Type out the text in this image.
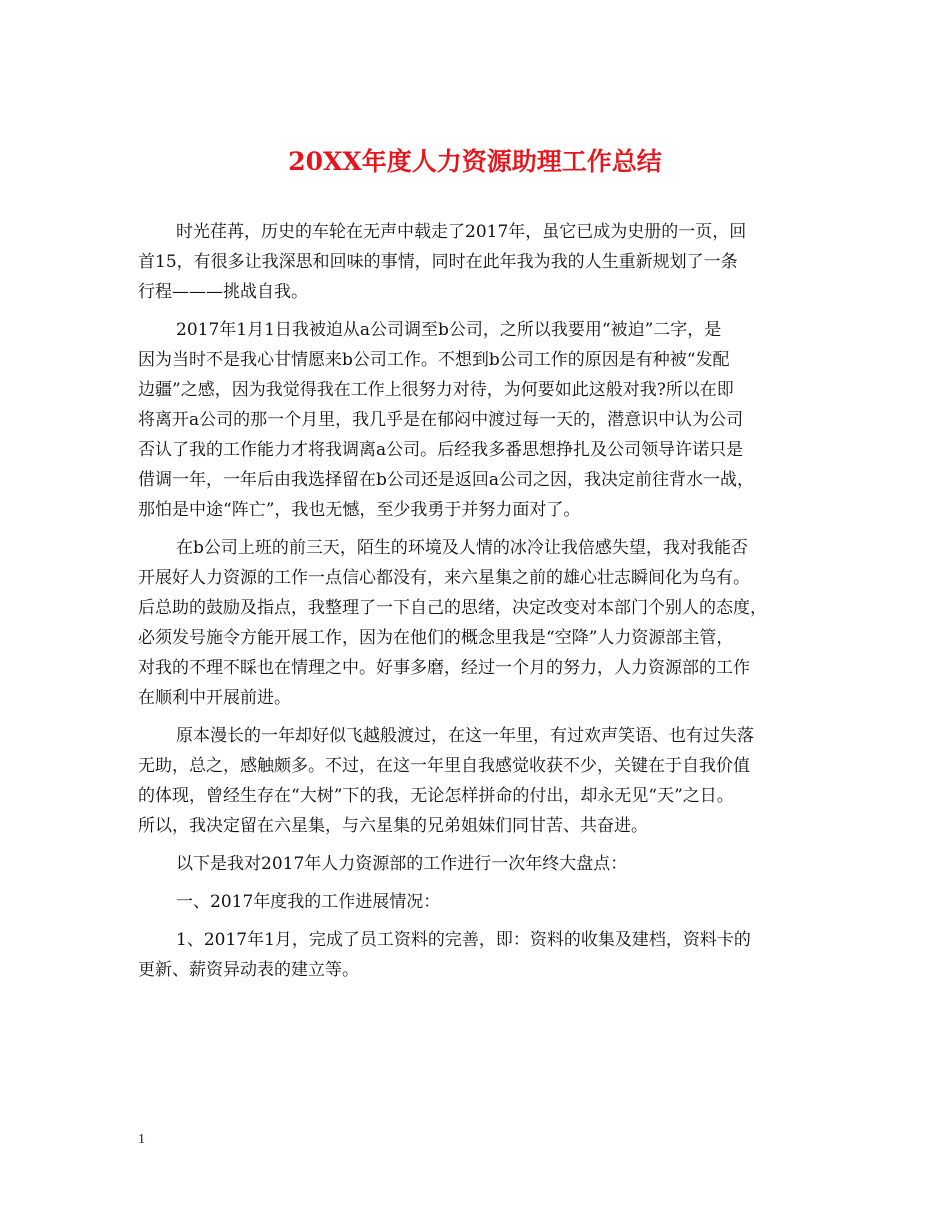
20XX年度人力资源助理工作总结

时光荏苒，历史的车轮在无声中载走了2017年，虽它已成为史册的一页，回
首15，有很多让我深思和回味的事情，同时在此年我为我的人生重新规划了一条
行程———挑战自我。

2017年1月1日我被迫从a公司调至b公司，之所以我要用“被迫”二字，是
因为当时不是我心甘情愿来b公司工作。不想到b公司工作的原因是有种被“发配
边疆”之感，因为我觉得我在工作上很努力对待，为何要如此这般对我?所以在即
将离开a公司的那一个月里，我几乎是在郁闷中渡过每一天的，潜意识中认为公司
否认了我的工作能力才将我调离a公司。后经我多番思想挣扎及公司领导许诺只是
借调一年，一年后由我选择留在b公司还是返回a公司之因，我决定前往背水一战，
那怕是中途“阵亡”，我也无憾，至少我勇于并努力面对了。

在b公司上班的前三天，陌生的环境及人情的冰冷让我倍感失望，我对我能否
开展好人力资源的工作一点信心都没有，来六星集之前的雄心壮志瞬间化为乌有。
后总助的鼓励及指点，我整理了一下自己的思绪，决定改变对本部门个别人的态度，
必须发号施令方能开展工作，因为在他们的概念里我是“空降”人力资源部主管，
对我的不理不睬也在情理之中。好事多磨，经过一个月的努力，人力资源部的工作
在顺利中开展前进。

原本漫长的一年却好似飞越般渡过，在这一年里，有过欢声笑语、也有过失落
无助，总之，感触颇多。不过，在这一年里自我感觉收获不少，关键在于自我价值
的体现，曾经生存在“大树”下的我，无论怎样拼命的付出，却永无见“天”之日。
所以，我决定留在六星集，与六星集的兄弟姐妹们同甘苦、共奋进。

以下是我对2017年人力资源部的工作进行一次年终大盘点：

一、2017年度我的工作进展情况：

1、2017年1月，完成了员工资料的完善，即：资料的收集及建档，资料卡的
更新、薪资异动表的建立等。

1
